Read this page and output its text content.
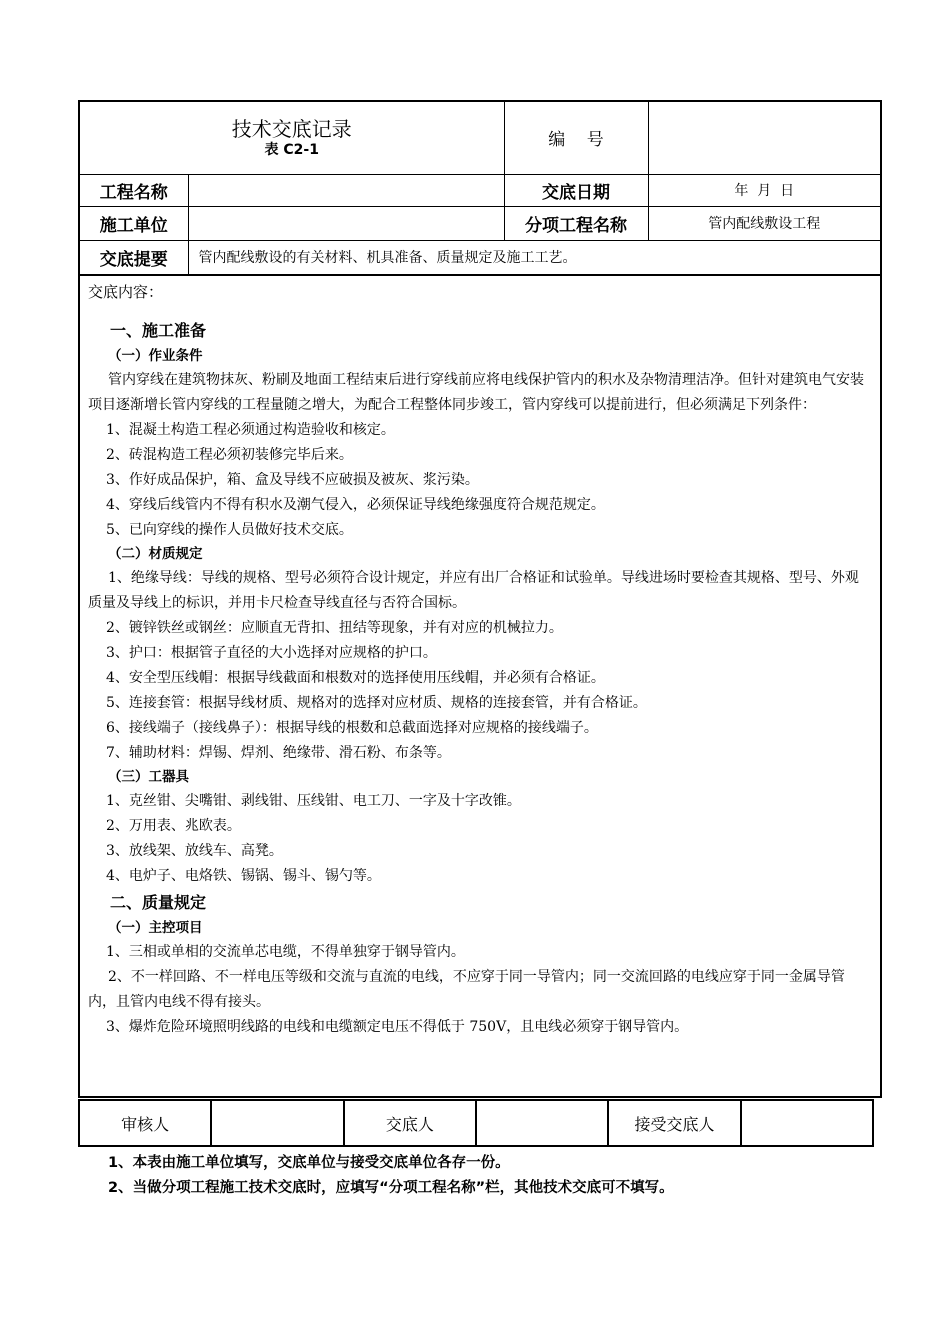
技术交底记录
表 C2-1		编    号	
工程名称		交底日期	年  月  日
施工单位		分项工程名称	管内配线敷设工程
交底提要	管内配线敷设的有关材料、机具准备、质量规定及施工工艺。		
交底内容：
一、施工准备
（一）作业条件
管内穿线在建筑物抹灰、粉刷及地面工程结束后进行穿线前应将电线保护管内的积水及杂物清理洁净。但针对建筑电气安装项目逐渐增长管内穿线的工程量随之增大，为配合工程整体同步竣工，管内穿线可以提前进行，但必须满足下列条件：
1、混凝土构造工程必须通过构造验收和核定。
2、砖混构造工程必须初装修完毕后来。
3、作好成品保护，箱、盒及导线不应破损及被灰、浆污染。
4、穿线后线管内不得有积水及潮气侵入，必须保证导线绝缘强度符合规范规定。
5、已向穿线的操作人员做好技术交底。
（二）材质规定
1、绝缘导线：导线的规格、型号必须符合设计规定，并应有出厂合格证和试验单。导线进场时要检查其规格、型号、外观质量及导线上的标识，并用卡尺检查导线直径与否符合国标。
2、镀锌铁丝或钢丝：应顺直无背扣、扭结等现象，并有对应的机械拉力。
3、护口：根据管子直径的大小选择对应规格的护口。
4、安全型压线帽：根据导线截面和根数对的选择使用压线帽，并必须有合格证。
5、连接套管：根据导线材质、规格对的选择对应材质、规格的连接套管，并有合格证。
6、接线端子（接线鼻子）：根据导线的根数和总截面选择对应规格的接线端子。
7、辅助材料：焊锡、焊剂、绝缘带、滑石粉、布条等。
（三）工器具
1、克丝钳、尖嘴钳、剥线钳、压线钳、电工刀、一字及十字改锥。
2、万用表、兆欧表。
3、放线架、放线车、高凳。
4、电炉子、电烙铁、锡锅、锡斗、锡勺等。
二、质量规定
（一）主控项目
1、三相或单相的交流单芯电缆，不得单独穿于钢导管内。
2、不一样回路、不一样电压等级和交流与直流的电线，不应穿于同一导管内；同一交流回路的电线应穿于同一金属导管内，且管内电线不得有接头。
3、爆炸危险环境照明线路的电线和电缆额定电压不得低于 750V，且电线必须穿于钢导管内。
审核人		交底人		接受交底人	
1、本表由施工单位填写，交底单位与接受交底单位各存一份。
2、当做分项工程施工技术交底时，应填写“分项工程名称”栏，其他技术交底可不填写。
